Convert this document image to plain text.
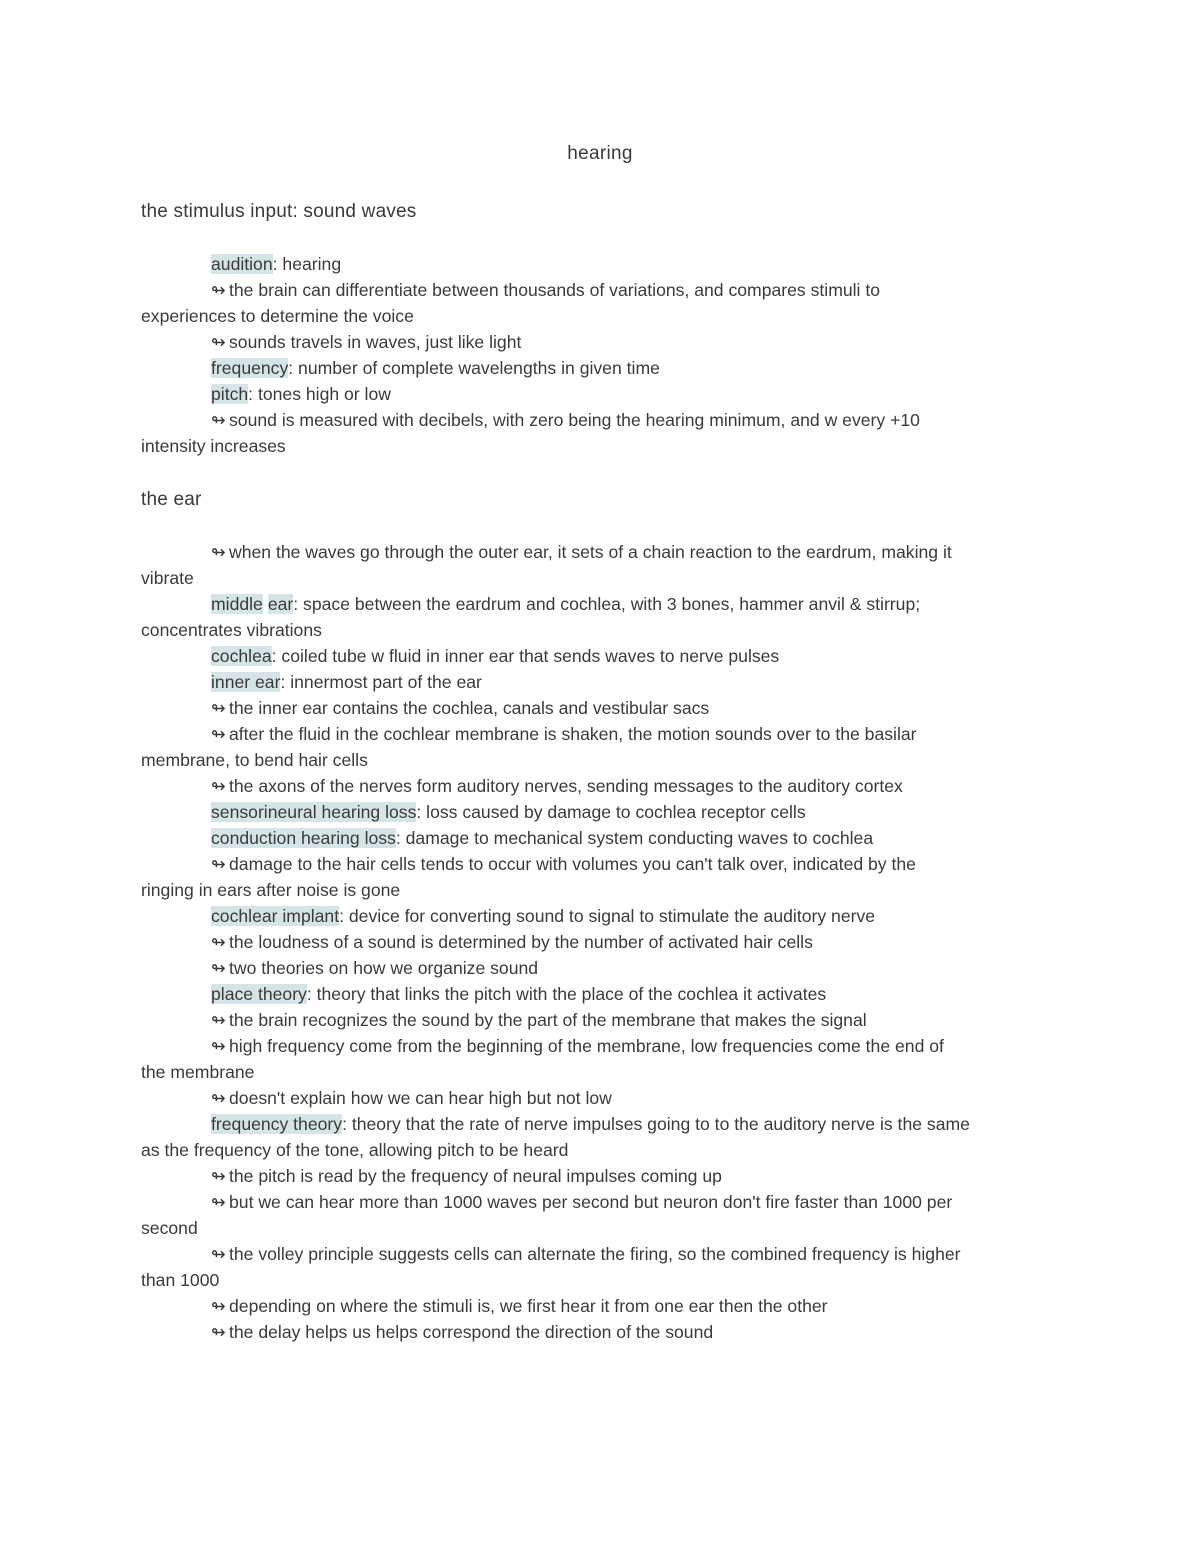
hearing
the stimulus input: sound waves
audition: hearing
↬ the brain can differentiate between thousands of variations, and compares stimuli to
experiences to determine the voice
↬ sounds travels in waves, just like light
frequency: number of complete wavelengths in given time
pitch: tones high or low
↬ sound is measured with decibels, with zero being the hearing minimum, and w every +10
intensity increases
the ear
↬ when the waves go through the outer ear, it sets of a chain reaction to the eardrum, making it
vibrate
middle ear: space between the eardrum and cochlea, with 3 bones, hammer anvil & stirrup;
concentrates vibrations
cochlea: coiled tube w fluid in inner ear that sends waves to nerve pulses
inner ear: innermost part of the ear
↬ the inner ear contains the cochlea, canals and vestibular sacs
↬ after the fluid in the cochlear membrane is shaken, the motion sounds over to the basilar
membrane, to bend hair cells
↬ the axons of the nerves form auditory nerves, sending messages to the auditory cortex
sensorineural hearing loss: loss caused by damage to cochlea receptor cells
conduction hearing loss: damage to mechanical system conducting waves to cochlea
↬ damage to the hair cells tends to occur with volumes you can't talk over, indicated by the
ringing in ears after noise is gone
cochlear implant: device for converting sound to signal to stimulate the auditory nerve
↬ the loudness of a sound is determined by the number of activated hair cells
↬ two theories on how we organize sound
place theory: theory that links the pitch with the place of the cochlea it activates
↬ the brain recognizes the sound by the part of the membrane that makes the signal
↬ high frequency come from the beginning of the membrane, low frequencies come the end of
the membrane
↬ doesn't explain how we can hear high but not low
frequency theory: theory that the rate of nerve impulses going to to the auditory nerve is the same
as the frequency of the tone, allowing pitch to be heard
↬ the pitch is read by the frequency of neural impulses coming up
↬ but we can hear more than 1000 waves per second but neuron don't fire faster than 1000 per
second
↬ the volley principle suggests cells can alternate the firing, so the combined frequency is higher
than 1000
↬ depending on where the stimuli is, we first hear it from one ear then the other
↬ the delay helps us helps correspond the direction of the sound
